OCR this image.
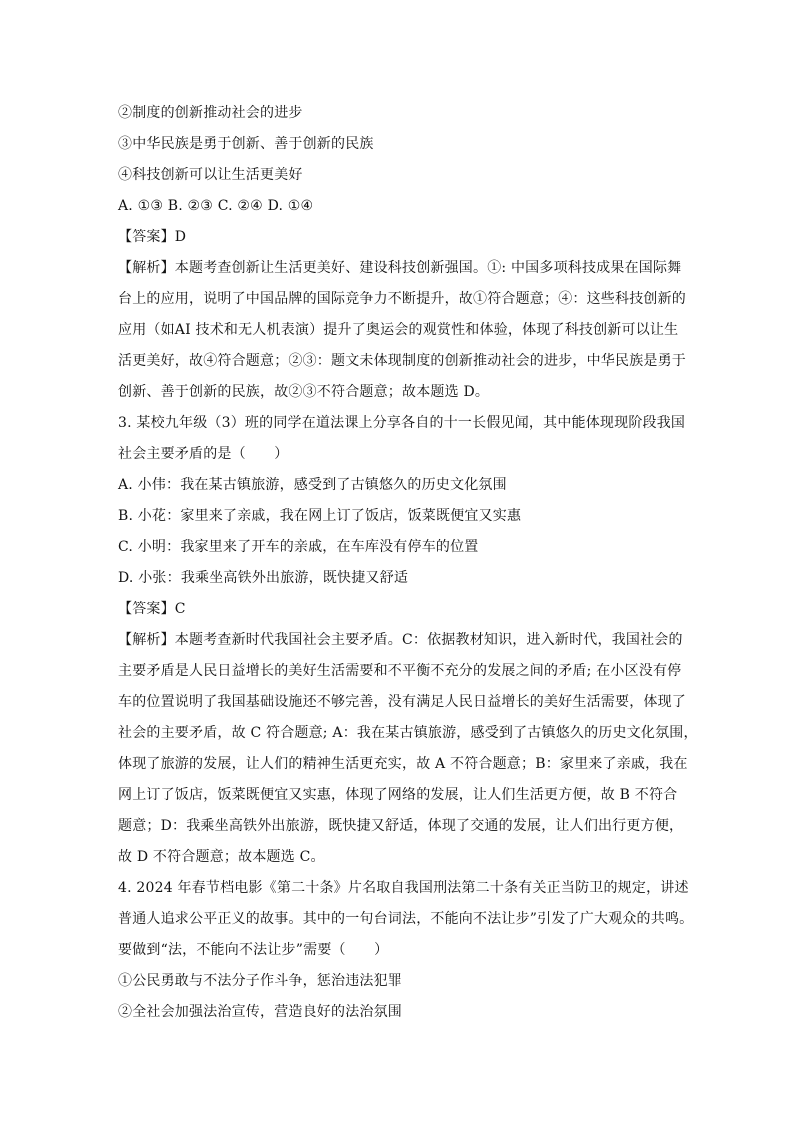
②制度的创新推动社会的进步
③中华民族是勇于创新、善于创新的民族
④科技创新可以让生活更美好
A. ①③ B. ②③ C. ②④ D. ①④
【答案】D
【解析】本题考查创新让生活更美好、建设科技创新强国。①: 中国多项科技成果在国际舞
台上的应用，说明了中国品牌的国际竞争力不断提升，故①符合题意；④：这些科技创新的
应用（如AI 技术和无人机表演）提升了奥运会的观赏性和体验，体现了科技创新可以让生
活更美好，故④符合题意；②③：题文未体现制度的创新推动社会的进步，中华民族是勇于
创新、善于创新的民族，故②③不符合题意；故本题选 D。
3. 某校九年级（3）班的同学在道法课上分享各自的十一长假见闻，其中能体现现阶段我国
社会主要矛盾的是（　　）
A. 小伟：我在某古镇旅游，感受到了古镇悠久的历史文化氛围
B. 小花：家里来了亲戚，我在网上订了饭店，饭菜既便宜又实惠
C. 小明：我家里来了开车的亲戚，在车库没有停车的位置
D. 小张：我乘坐高铁外出旅游，既快捷又舒适
【答案】C
【解析】本题考查新时代我国社会主要矛盾。C：依据教材知识，进入新时代，我国社会的
主要矛盾是人民日益增长的美好生活需要和不平衡不充分的发展之间的矛盾; 在小区没有停
车的位置说明了我国基础设施还不够完善，没有满足人民日益增长的美好生活需要，体现了
社会的主要矛盾，故 C 符合题意; A：我在某古镇旅游，感受到了古镇悠久的历史文化氛围，
体现了旅游的发展，让人们的精神生活更充实，故 A 不符合题意；B：家里来了亲戚，我在
网上订了饭店，饭菜既便宜又实惠，体现了网络的发展，让人们生活更方便，故 B 不符合
题意；D：我乘坐高铁外出旅游，既快捷又舒适，体现了交通的发展，让人们出行更方便，
故 D 不符合题意；故本题选 C。
4. 2024 年春节档电影《第二十条》片名取自我国刑法第二十条有关正当防卫的规定，讲述
普通人追求公平正义的故事。其中的一句台词法，不能向不法让步”引发了广大观众的共鸣。
要做到“法，不能向不法让步”需要（　　）
①公民勇敢与不法分子作斗争，惩治违法犯罪
②全社会加强法治宣传，营造良好的法治氛围
